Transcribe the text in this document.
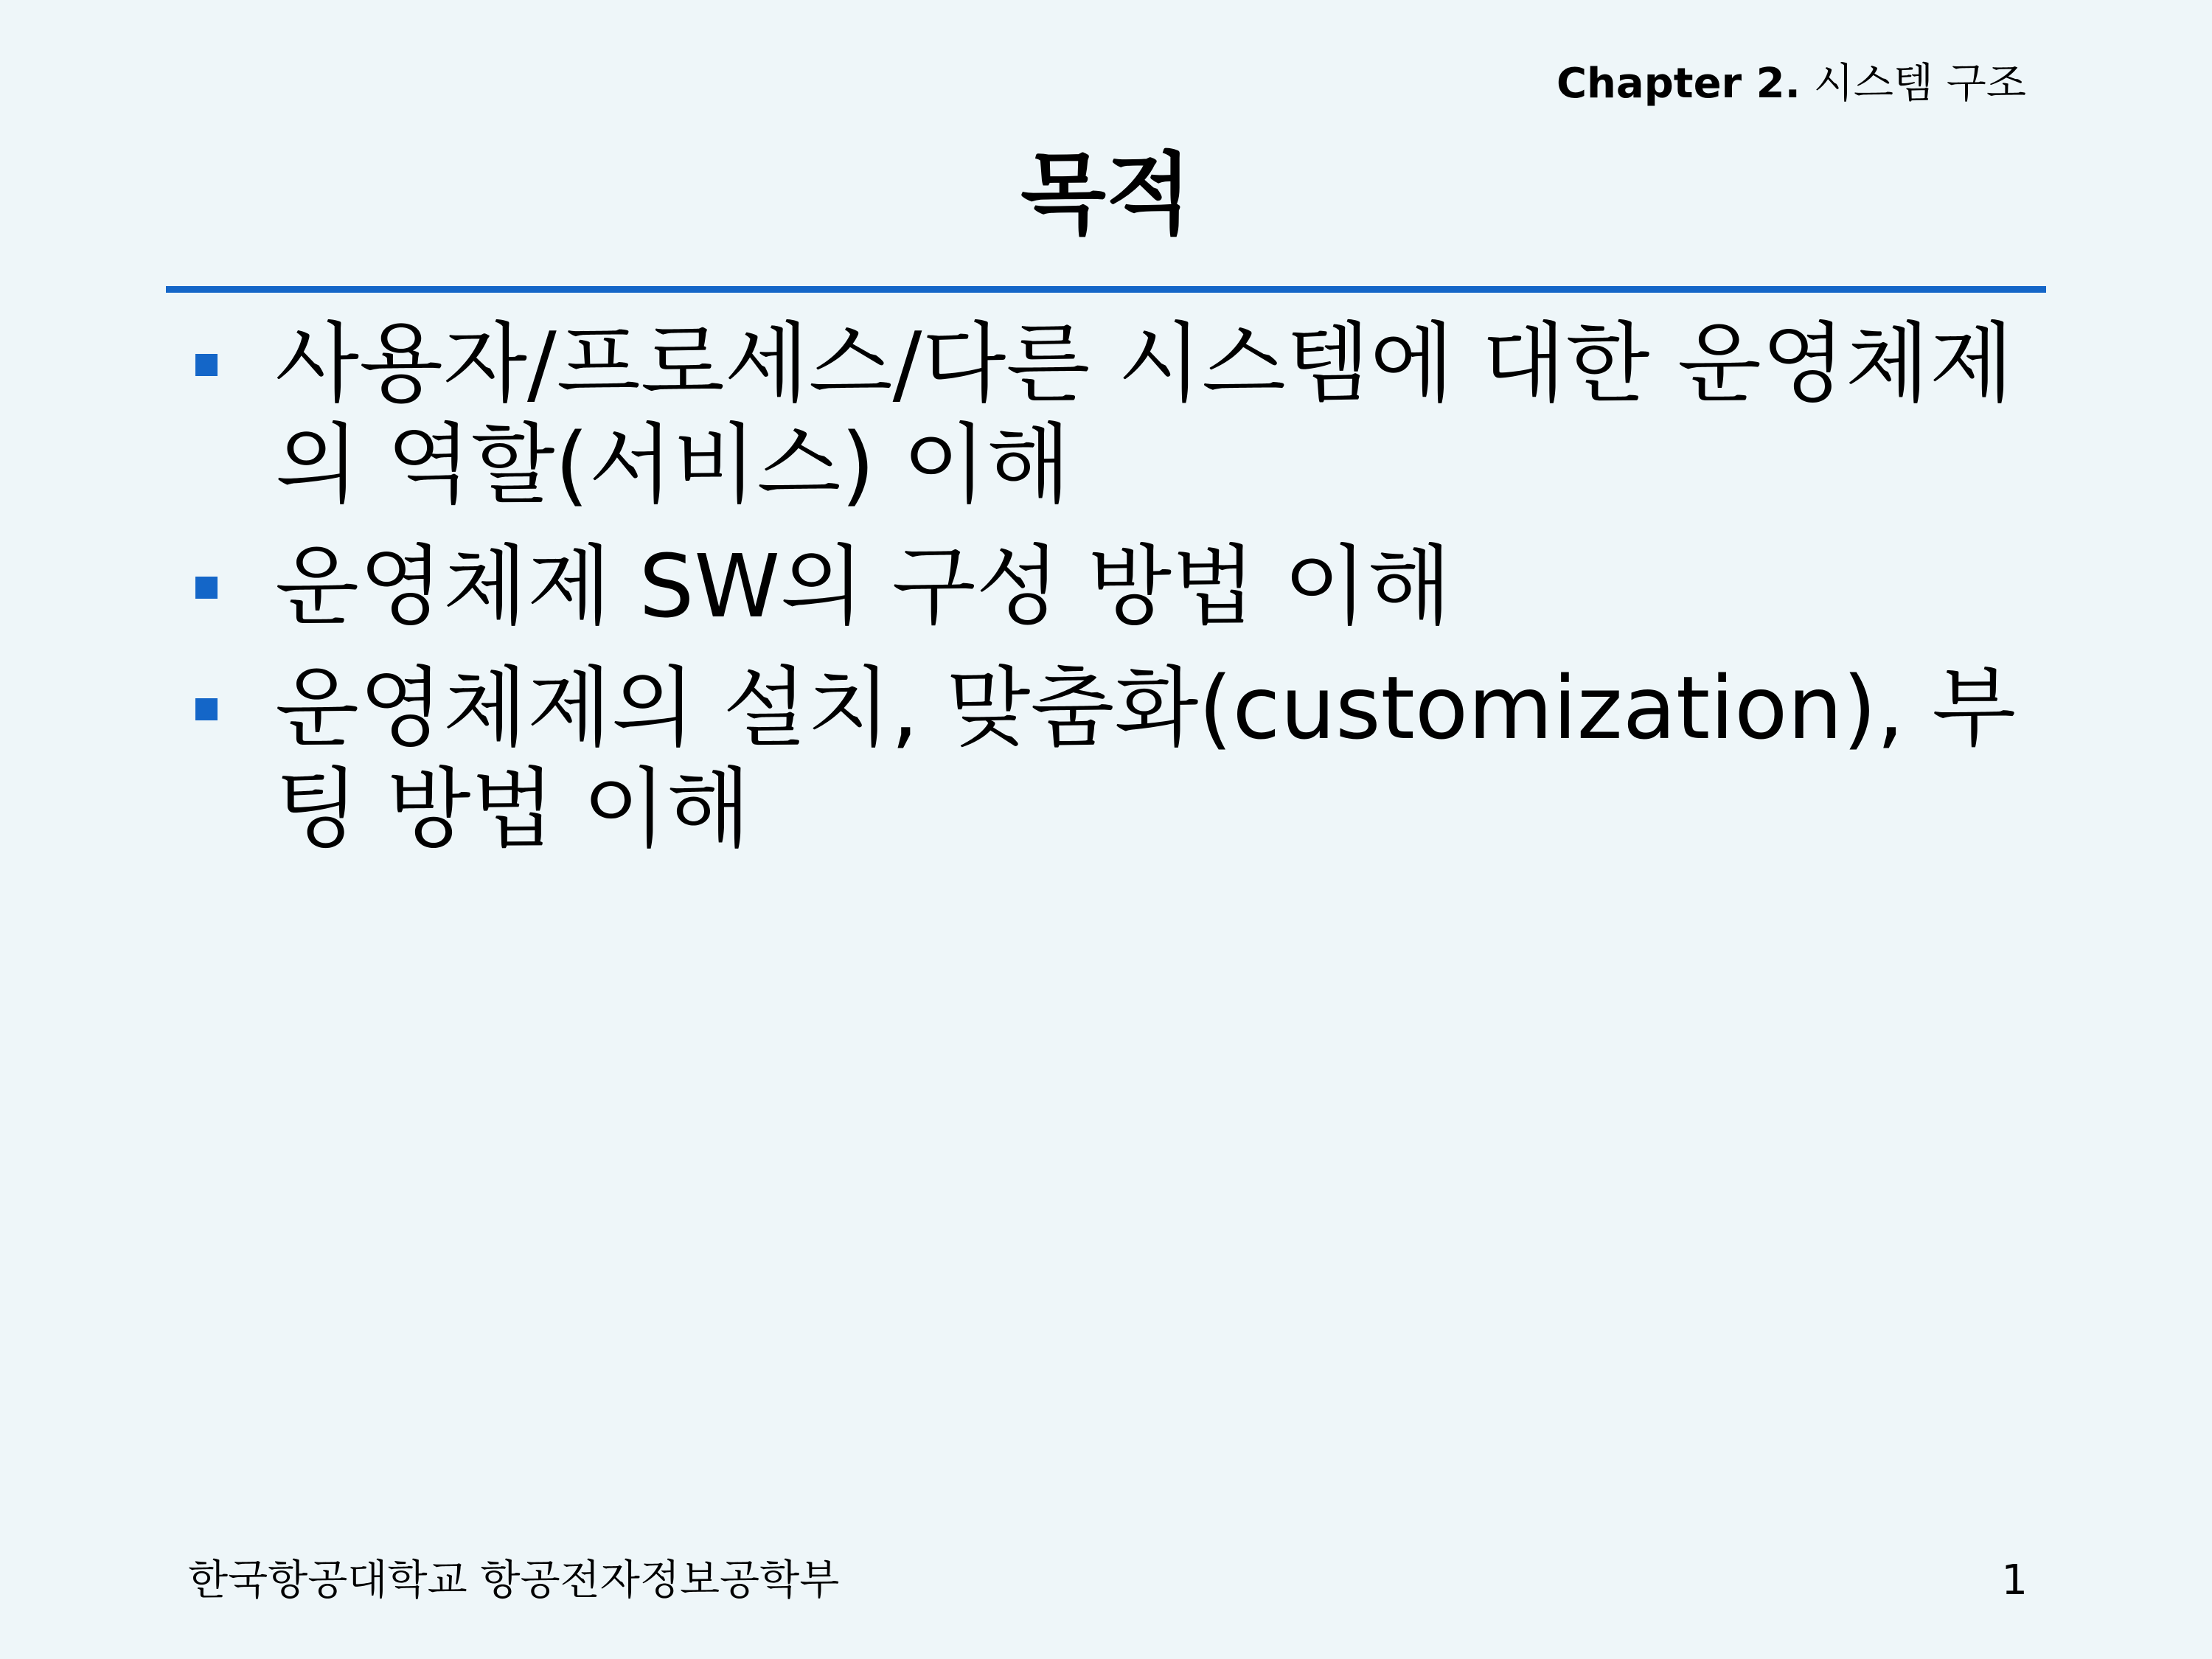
Chapter 2. 시스템 구조
목적
사용자/프로세스/다른 시스템에 대한 운영체제의 역할(서비스) 이해
운영체제 SW의 구성 방법 이해
운영체제의 설치, 맞춤화(customization), 부팅 방법 이해
한국항공대학교 항공전자정보공학부	1
